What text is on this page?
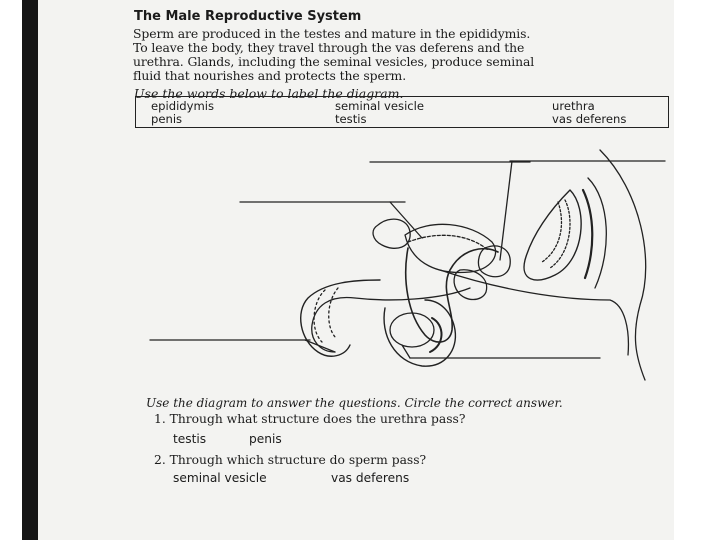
The Male Reproductive System
Sperm are produced in the testes and mature in the epididymis.
To leave the body, they travel through the vas deferens and the
urethra. Glands, including the seminal vesicles, produce seminal
fluid that nourishes and protects the sperm.
Use the words below to label the diagram.
epididymis
penis
seminal vesicle
testis
urethra
vas deferens
Use the diagram to answer the questions. Circle the correct answer.
1. Through what structure does the urethra pass?
testis	penis
2. Through which structure do sperm pass?
seminal vesicle	vas deferens
